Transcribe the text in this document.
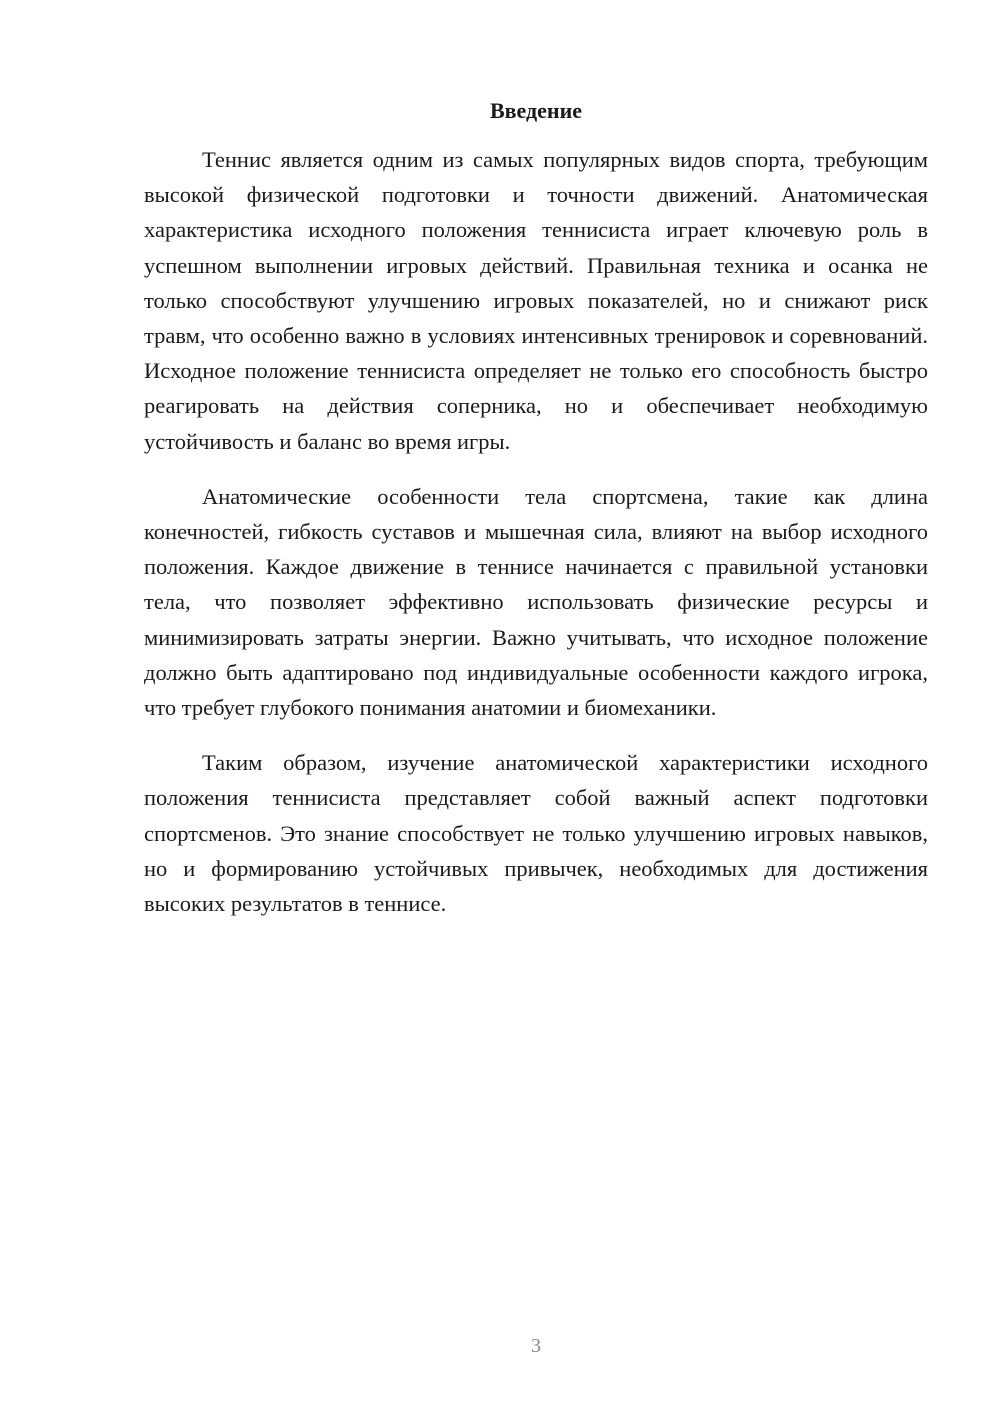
Введение

Теннис является одним из самых популярных видов спорта, требующим высокой физической подготовки и точности движений. Анатомическая характеристика исходного положения теннисиста играет ключевую роль в успешном выполнении игровых действий. Правильная техника и осанка не только способствуют улучшению игровых показателей, но и снижают риск травм, что особенно важно в условиях интенсивных тренировок и соревнований. Исходное положение теннисиста определяет не только его способность быстро реагировать на действия соперника, но и обеспечивает необходимую устойчивость и баланс во время игры.

Анатомические особенности тела спортсмена, такие как длина конечностей, гибкость суставов и мышечная сила, влияют на выбор исходного положения. Каждое движение в теннисе начинается с правильной установки тела, что позволяет эффективно использовать физические ресурсы и минимизировать затраты энергии. Важно учитывать, что исходное положение должно быть адаптировано под индивидуальные особенности каждого игрока, что требует глубокого понимания анатомии и биомеханики.

Таким образом, изучение анатомической характеристики исходного положения теннисиста представляет собой важный аспект подготовки спортсменов. Это знание способствует не только улучшению игровых навыков, но и формированию устойчивых привычек, необходимых для достижения высоких результатов в теннисе.

3
